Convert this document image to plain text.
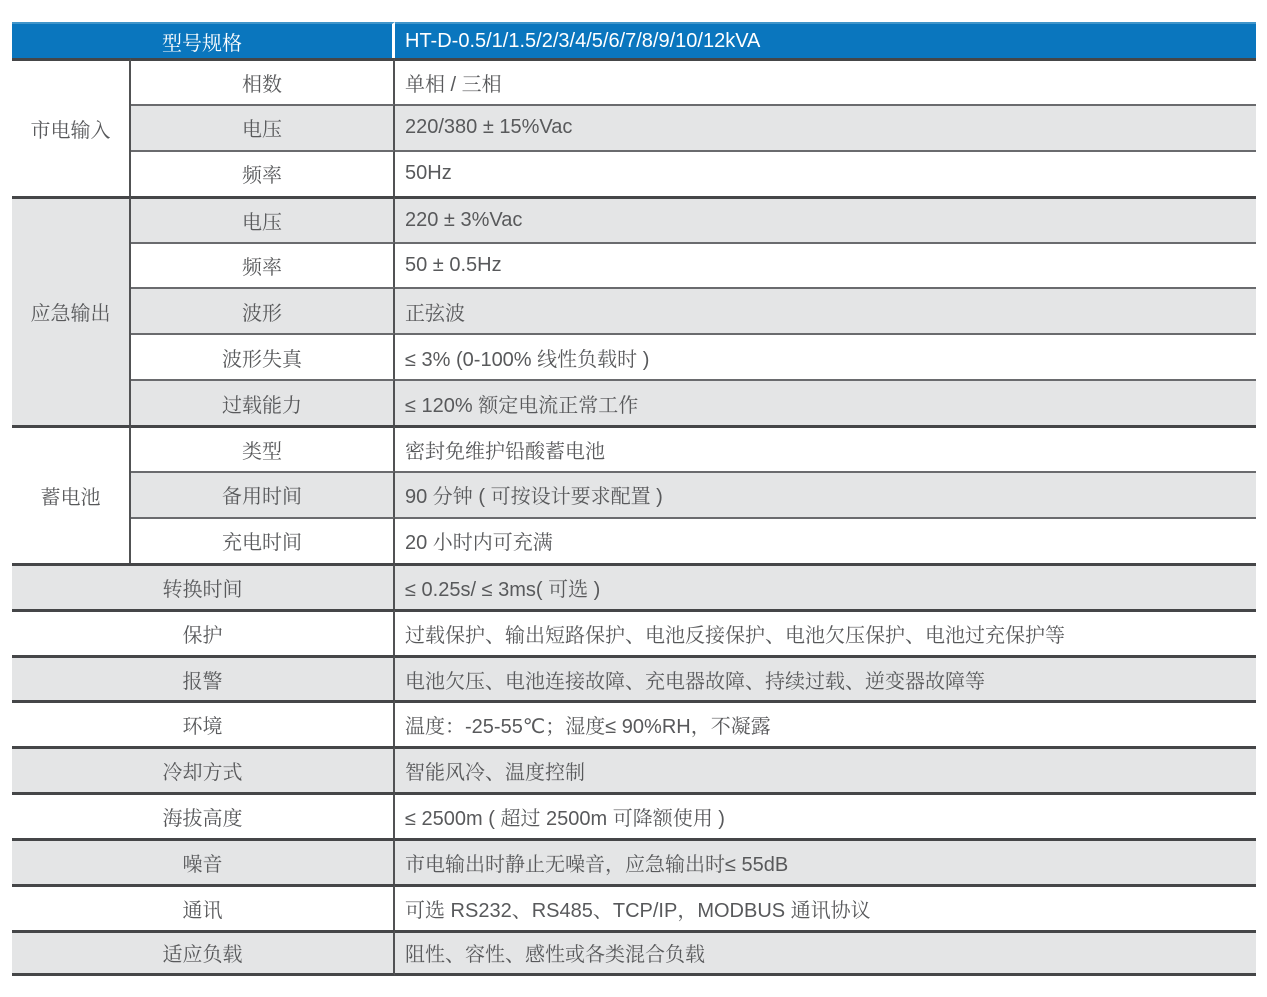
型号规格	HT-D-0.5/1/1.5/2/3/4/5/6/7/8/9/10/12kVA
市电输入
相数	单相 / 三相
电压	220/380 ± 15%Vac
频率	50Hz
应急输出
电压	220 ± 3%Vac
频率	50 ± 0.5Hz
波形	正弦波
波形失真	≤ 3% (0-100% 线性负载时 )
过载能力	≤ 120% 额定电流正常工作
蓄电池
类型	密封免维护铅酸蓄电池
备用时间	90 分钟 ( 可按设计要求配置 )
充电时间	20 小时内可充满
转换时间	≤ 0.25s/ ≤ 3ms( 可选 )
保护	过载保护、输出短路保护、电池反接保护、电池欠压保护、电池过充保护等
报警	电池欠压、电池连接故障、充电器故障、持续过载、逆变器故障等
环境	温度：-25-55℃；湿度≤ 90%RH，不凝露
冷却方式	智能风冷、温度控制
海拔高度	≤ 2500m ( 超过 2500m 可降额使用 )
噪音	市电输出时静止无噪音，应急输出时≤ 55dB
通讯	可选 RS232、RS485、TCP/IP，MODBUS 通讯协议
适应负载	阻性、容性、感性或各类混合负载
